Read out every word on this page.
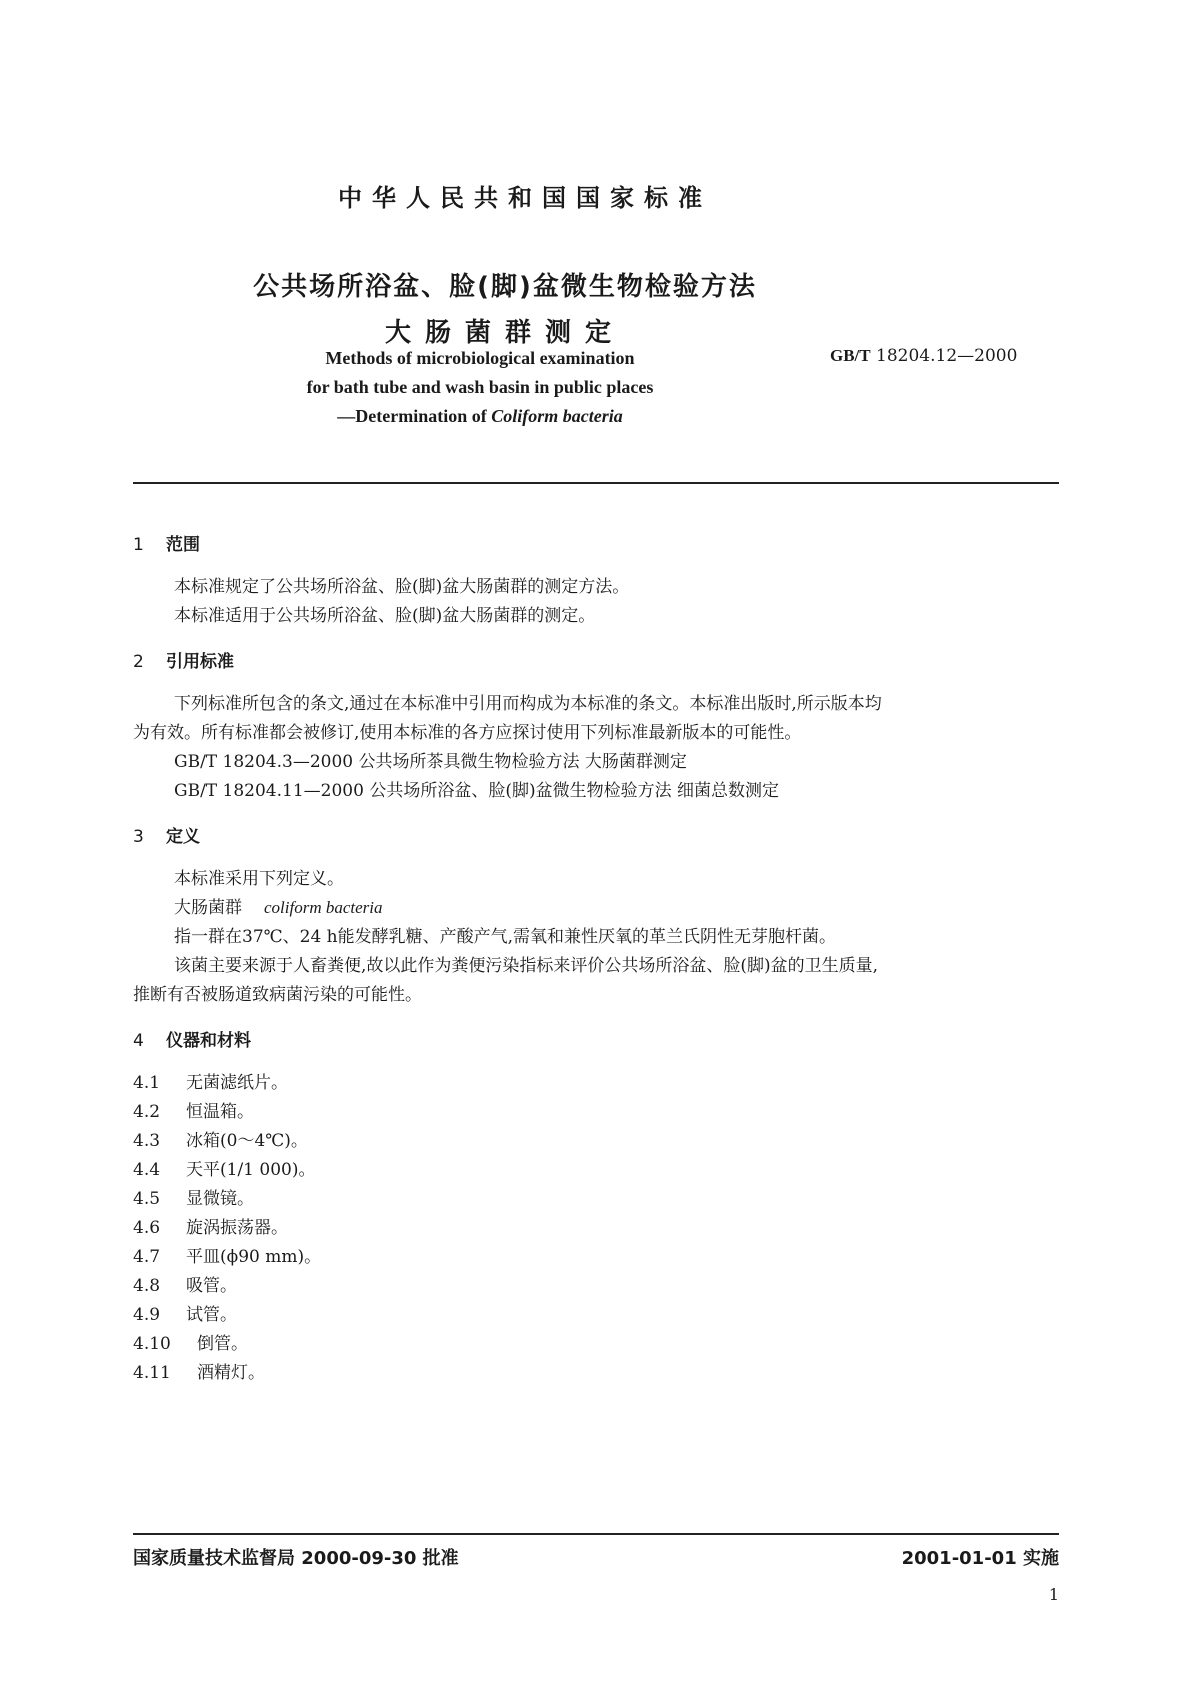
中华人民共和国国家标准
公共场所浴盆、脸(脚)盆微生物检验方法
大肠菌群测定
GB/T 18204.12—2000
Methods of microbiological examination
for bath tube and wash basin in public places
—Determination of Coliform bacteria
1 范围
本标准规定了公共场所浴盆、脸(脚)盆大肠菌群的测定方法。
本标准适用于公共场所浴盆、脸(脚)盆大肠菌群的测定。
2 引用标准
下列标准所包含的条文,通过在本标准中引用而构成为本标准的条文。本标准出版时,所示版本均
为有效。所有标准都会被修订,使用本标准的各方应探讨使用下列标准最新版本的可能性。
GB/T 18204.3—2000 公共场所茶具微生物检验方法 大肠菌群测定
GB/T 18204.11—2000 公共场所浴盆、脸(脚)盆微生物检验方法 细菌总数测定
3 定义
本标准采用下列定义。
大肠菌群 coliform bacteria
指一群在37℃、24 h能发酵乳糖、产酸产气,需氧和兼性厌氧的革兰氏阴性无芽胞杆菌。
该菌主要来源于人畜粪便,故以此作为粪便污染指标来评价公共场所浴盆、脸(脚)盆的卫生质量,
推断有否被肠道致病菌污染的可能性。
4 仪器和材料
4.1 无菌滤纸片。
4.2 恒温箱。
4.3 冰箱(0～4℃)。
4.4 天平(1/1 000)。
4.5 显微镜。
4.6 旋涡振荡器。
4.7 平皿(ϕ90 mm)。
4.8 吸管。
4.9 试管。
4.10 倒管。
4.11 酒精灯。
国家质量技术监督局 2000-09-30 批准	2001-01-01 实施
1
